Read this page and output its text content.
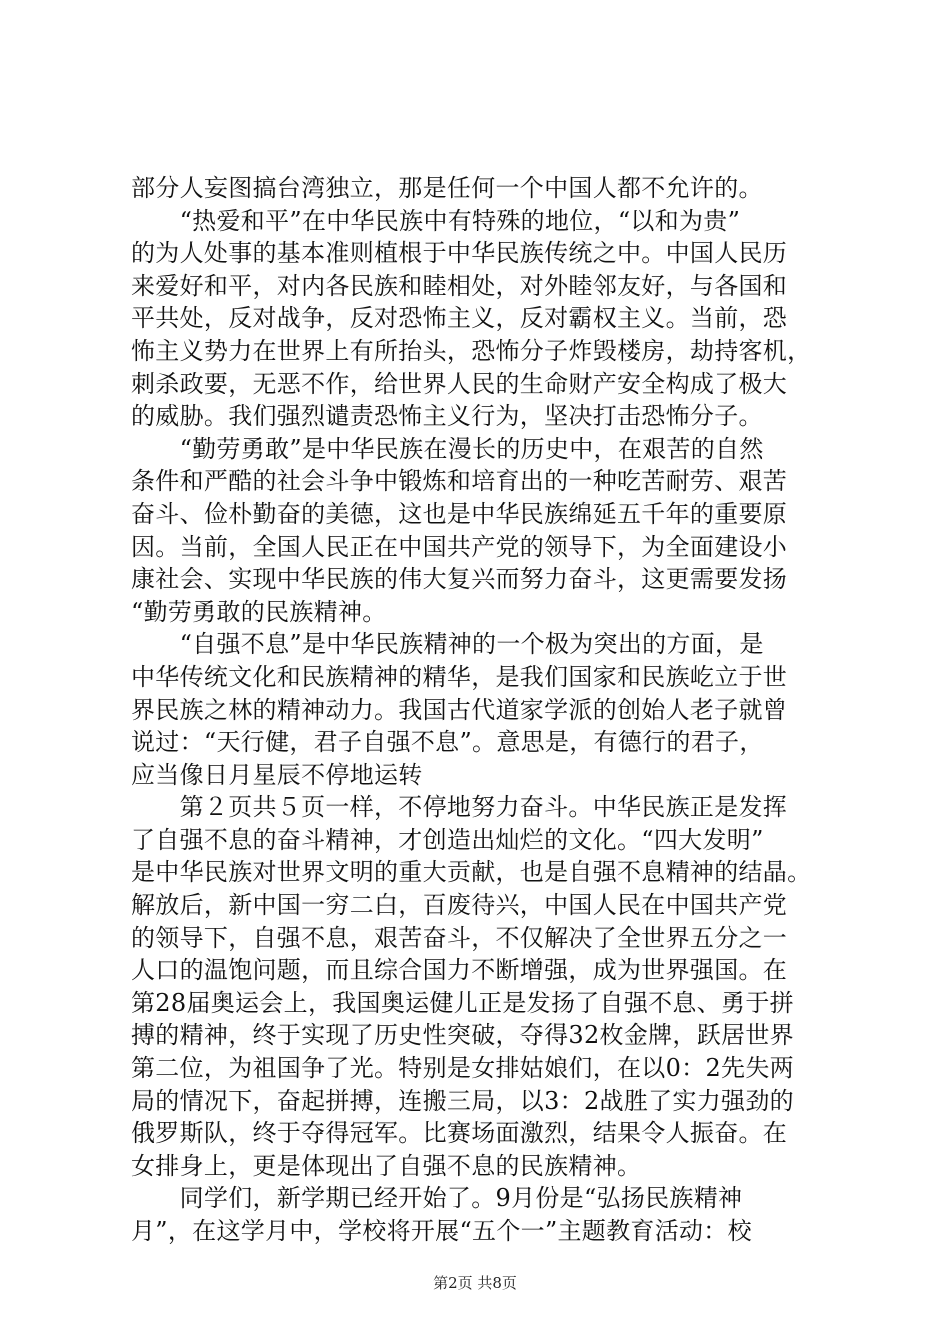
部分人妄图搞台湾独立，那是任何一个中国人都不允许的。
　　“热爱和平”在中华民族中有特殊的地位，“以和为贵”
的为人处事的基本准则植根于中华民族传统之中。中国人民历
来爱好和平，对内各民族和睦相处，对外睦邻友好，与各国和
平共处，反对战争，反对恐怖主义，反对霸权主义。当前，恐
怖主义势力在世界上有所抬头，恐怖分子炸毁楼房，劫持客机，
刺杀政要，无恶不作，给世界人民的生命财产安全构成了极大
的威胁。我们强烈谴责恐怖主义行为，坚决打击恐怖分子。
　　“勤劳勇敢”是中华民族在漫长的历史中，在艰苦的自然
条件和严酷的社会斗争中锻炼和培育出的一种吃苦耐劳、艰苦
奋斗、俭朴勤奋的美德，这也是中华民族绵延五千年的重要原
因。当前，全国人民正在中国共产党的领导下，为全面建设小
康社会、实现中华民族的伟大复兴而努力奋斗，这更需要发扬
“勤劳勇敢的民族精神。
　　“自强不息”是中华民族精神的一个极为突出的方面，是
中华传统文化和民族精神的精华，是我们国家和民族屹立于世
界民族之林的精神动力。我国古代道家学派的创始人老子就曾
说过：“天行健，君子自强不息”。意思是，有德行的君子，
应当像日月星辰不停地运转
　　第２页共５页一样，不停地努力奋斗。中华民族正是发挥
了自强不息的奋斗精神，才创造出灿烂的文化。“四大发明”
是中华民族对世界文明的重大贡献，也是自强不息精神的结晶。
解放后，新中国一穷二白，百废待兴，中国人民在中国共产党
的领导下，自强不息，艰苦奋斗，不仅解决了全世界五分之一
人口的温饱问题，而且综合国力不断增强，成为世界强国。在
第28届奥运会上，我国奥运健儿正是发扬了自强不息、勇于拼
搏的精神，终于实现了历史性突破，夺得32枚金牌，跃居世界
第二位，为祖国争了光。特别是女排姑娘们，在以0：2先失两
局的情况下，奋起拼搏，连搬三局，以3：2战胜了实力强劲的
俄罗斯队，终于夺得冠军。比赛场面激烈，结果令人振奋。在
女排身上，更是体现出了自强不息的民族精神。
　　同学们，新学期已经开始了。9月份是“弘扬民族精神
月”，在这学月中，学校将开展“五个一”主题教育活动：校
第2页 共8页
